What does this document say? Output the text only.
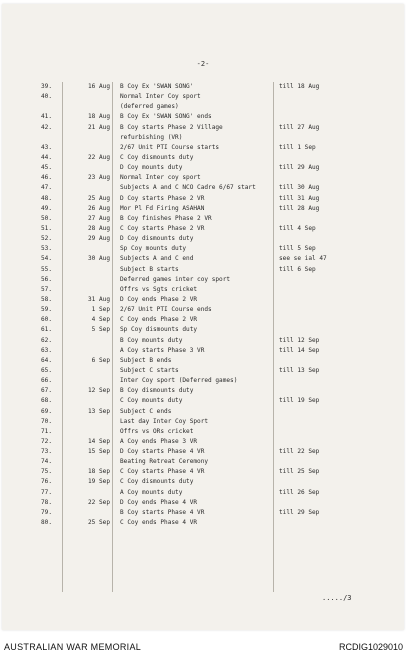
-2-
39.	16 Aug B Coy Ex 'SWAN SONG'	till 18 Aug
40.	Normal Inter Coy sport
(deferred games)
41.	18 Aug B Coy Ex 'SWAN SONG' ends
42.	21 Aug B Coy starts Phase 2 Village	till 27 Aug
refurbishing (VR)
43.	2/67 Unit PTI Course starts	till 1 Sep
44.	22 Aug C Coy dismounts duty
45.	D Coy mounts duty	till 29 Aug
46.	23 Aug Normal Inter coy sport
47.	Subjects A and C NCO Cadre 6/67 start	till 30 Aug
48.	25 Aug D Coy starts Phase 2 VR	till 31 Aug
49.	26 Aug Mor Pl Fd Firing ASAHAN	till 28 Aug
50.	27 Aug B Coy finishes Phase 2 VR
51.	28 Aug C Coy starts Phase 2 VR	till 4 Sep
52.	29 Aug D Coy dismounts duty
53.	Sp Coy mounts duty	till 5 Sep
54.	30 Aug Subjects A and C end	see se ial 47
55.	Subject B starts	till 6 Sep
56.	Deferred games inter coy sport
57.	Offrs vs Sgts cricket
58.	31 Aug D Coy ends Phase 2 VR
59.	1 Sep 2/67 Unit PTI Course ends
60.	4 Sep C Coy ends Phase 2 VR
61.	5 Sep Sp Coy dismounts duty
62.	B Coy mounts duty	till 12 Sep
63.	A Coy starts Phase 3 VR	till 14 Sep
64.	6 Sep Subject B ends
65.	Subject C starts	till 13 Sep
66.	Inter Coy sport (Deferred games)
67.	12 Sep B Coy dismounts duty
68.	C Coy mounts duty	till 19 Sep
69.	13 Sep Subject C ends
70.	Last day Inter Coy Sport
71.	Offrs vs ORs cricket
72.	14 Sep A Coy ends Phase 3 VR
73.	15 Sep D Coy starts Phase 4 VR	till 22 Sep
74.	Beating Retreat Ceremony
75.	18 Sep C Coy starts Phase 4 VR	till 25 Sep
76.	19 Sep C Coy dismounts duty
77.	A Coy mounts duty	till 26 Sep
78.	22 Sep D Coy ends Phase 4 VR
79.	B Coy starts Phase 4 VR	till 29 Sep
80.	25 Sep C Coy ends Phase 4 VR
...../3
AUSTRALIAN WAR MEMORIAL	RCDIG1029010
